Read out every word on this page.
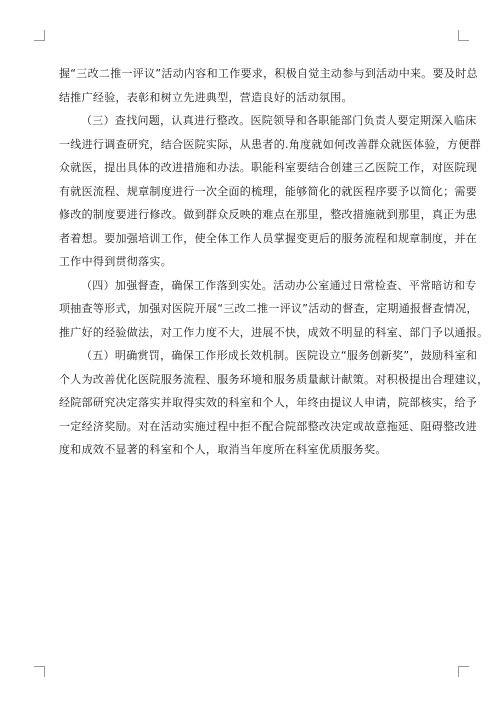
握“三改二推一评议”活动内容和工作要求，积极自觉主动参与到活动中来。要及时总
结推广经验，表彰和树立先进典型，营造良好的活动氛围。
（三）查找问题，认真进行整改。医院领导和各职能部门负责人要定期深入临床
一线进行调查研究，结合医院实际，从患者的.角度就如何改善群众就医体验，方便群
众就医，提出具体的改进措施和办法。职能科室要结合创建三乙医院工作，对医院现
有就医流程、规章制度进行一次全面的梳理，能够简化的就医程序要予以简化；需要
修改的制度要进行修改。做到群众反映的难点在那里，整改措施就到那里，真正为患
者着想。要加强培训工作，使全体工作人员掌握变更后的服务流程和规章制度，并在
工作中得到贯彻落实。
（四）加强督查，确保工作落到实处。活动办公室通过日常检查、平常暗访和专
项抽查等形式，加强对医院开展“三改二推一评议”活动的督查，定期通报督查情况，
推广好的经验做法，对工作力度不大，进展不快，成效不明显的科室、部门予以通报。
（五）明确赏罚，确保工作形成长效机制。医院设立“服务创新奖”，鼓励科室和
个人为改善优化医院服务流程、服务环境和服务质量献计献策。对积极提出合理建议，
经院部研究决定落实并取得实效的科室和个人，年终由提议人申请，院部核实，给予
一定经济奖励。对在活动实施过程中拒不配合院部整改决定或故意拖延、阻碍整改进
度和成效不显著的科室和个人，取消当年度所在科室优质服务奖。
